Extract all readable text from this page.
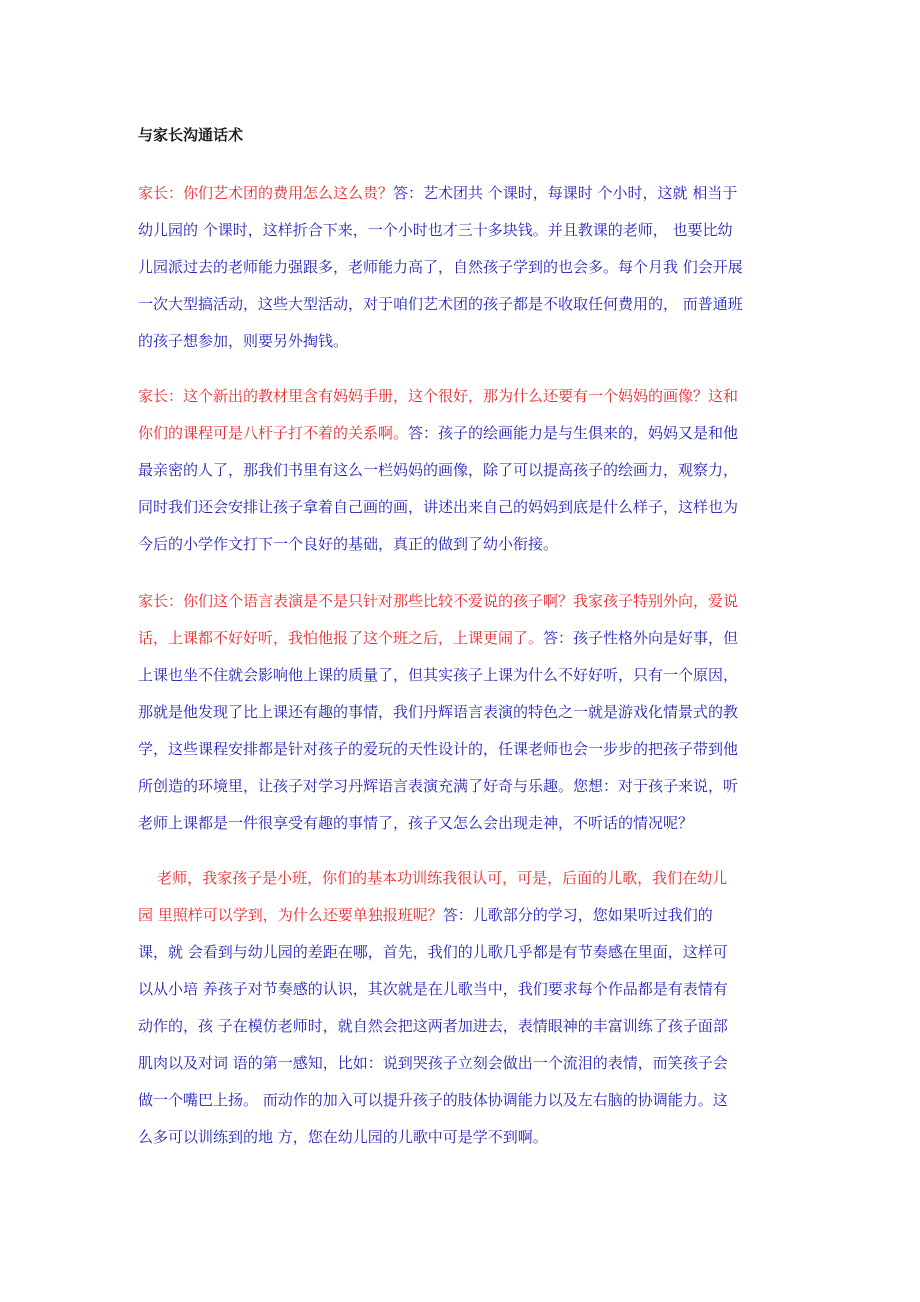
与家长沟通话术
家长：你们艺术团的费用怎么这么贵？答：艺术团共 个课时，每课时 个小时，这就 相当于
幼儿园的 个课时，这样折合下来，一个小时也才三十多块钱。并且教课的老师， 也要比幼
儿园派过去的老师能力强跟多，老师能力高了，自然孩子学到的也会多。每个月我 们会开展
一次大型搞活动，这些大型活动，对于咱们艺术团的孩子都是不收取任何费用的， 而普通班
的孩子想参加，则要另外掏钱。
家长：这个新出的教材里含有妈妈手册，这个很好，那为什么还要有一个妈妈的画像？这和
你们的课程可是八杆子打不着的关系啊。答：孩子的绘画能力是与生俱来的，妈妈又是和他
最亲密的人了，那我们书里有这么一栏妈妈的画像，除了可以提高孩子的绘画力，观察力，
同时我们还会安排让孩子拿着自己画的画，讲述出来自己的妈妈到底是什么样子，这样也为
今后的小学作文打下一个良好的基础，真正的做到了幼小衔接。
家长：你们这个语言表演是不是只针对那些比较不爱说的孩子啊？我家孩子特别外向，爱说
话，上课都不好好听，我怕他报了这个班之后，上课更闹了。答：孩子性格外向是好事，但
上课也坐不住就会影响他上课的质量了，但其实孩子上课为什么不好好听，只有一个原因，
那就是他发现了比上课还有趣的事情，我们丹辉语言表演的特色之一就是游戏化情景式的教
学，这些课程安排都是针对孩子的爱玩的天性设计的，任课老师也会一步步的把孩子带到他
所创造的环境里，让孩子对学习丹辉语言表演充满了好奇与乐趣。您想：对于孩子来说，听
老师上课都是一件很享受有趣的事情了，孩子又怎么会出现走神，不听话的情况呢？
老师，我家孩子是小班，你们的基本功训练我很认可，可是，后面的儿歌，我们在幼儿
园 里照样可以学到，为什么还要单独报班呢？答：儿歌部分的学习，您如果听过我们的
课，就 会看到与幼儿园的差距在哪，首先，我们的儿歌几乎都是有节奏感在里面，这样可
以从小培 养孩子对节奏感的认识，其次就是在儿歌当中，我们要求每个作品都是有表情有
动作的，孩 子在模仿老师时，就自然会把这两者加进去，表情眼神的丰富训练了孩子面部
肌肉以及对词 语的第一感知，比如：说到哭孩子立刻会做出一个流泪的表情，而笑孩子会
做一个嘴巴上扬。 而动作的加入可以提升孩子的肢体协调能力以及左右脑的协调能力。这
么多可以训练到的地 方，您在幼儿园的儿歌中可是学不到啊。
